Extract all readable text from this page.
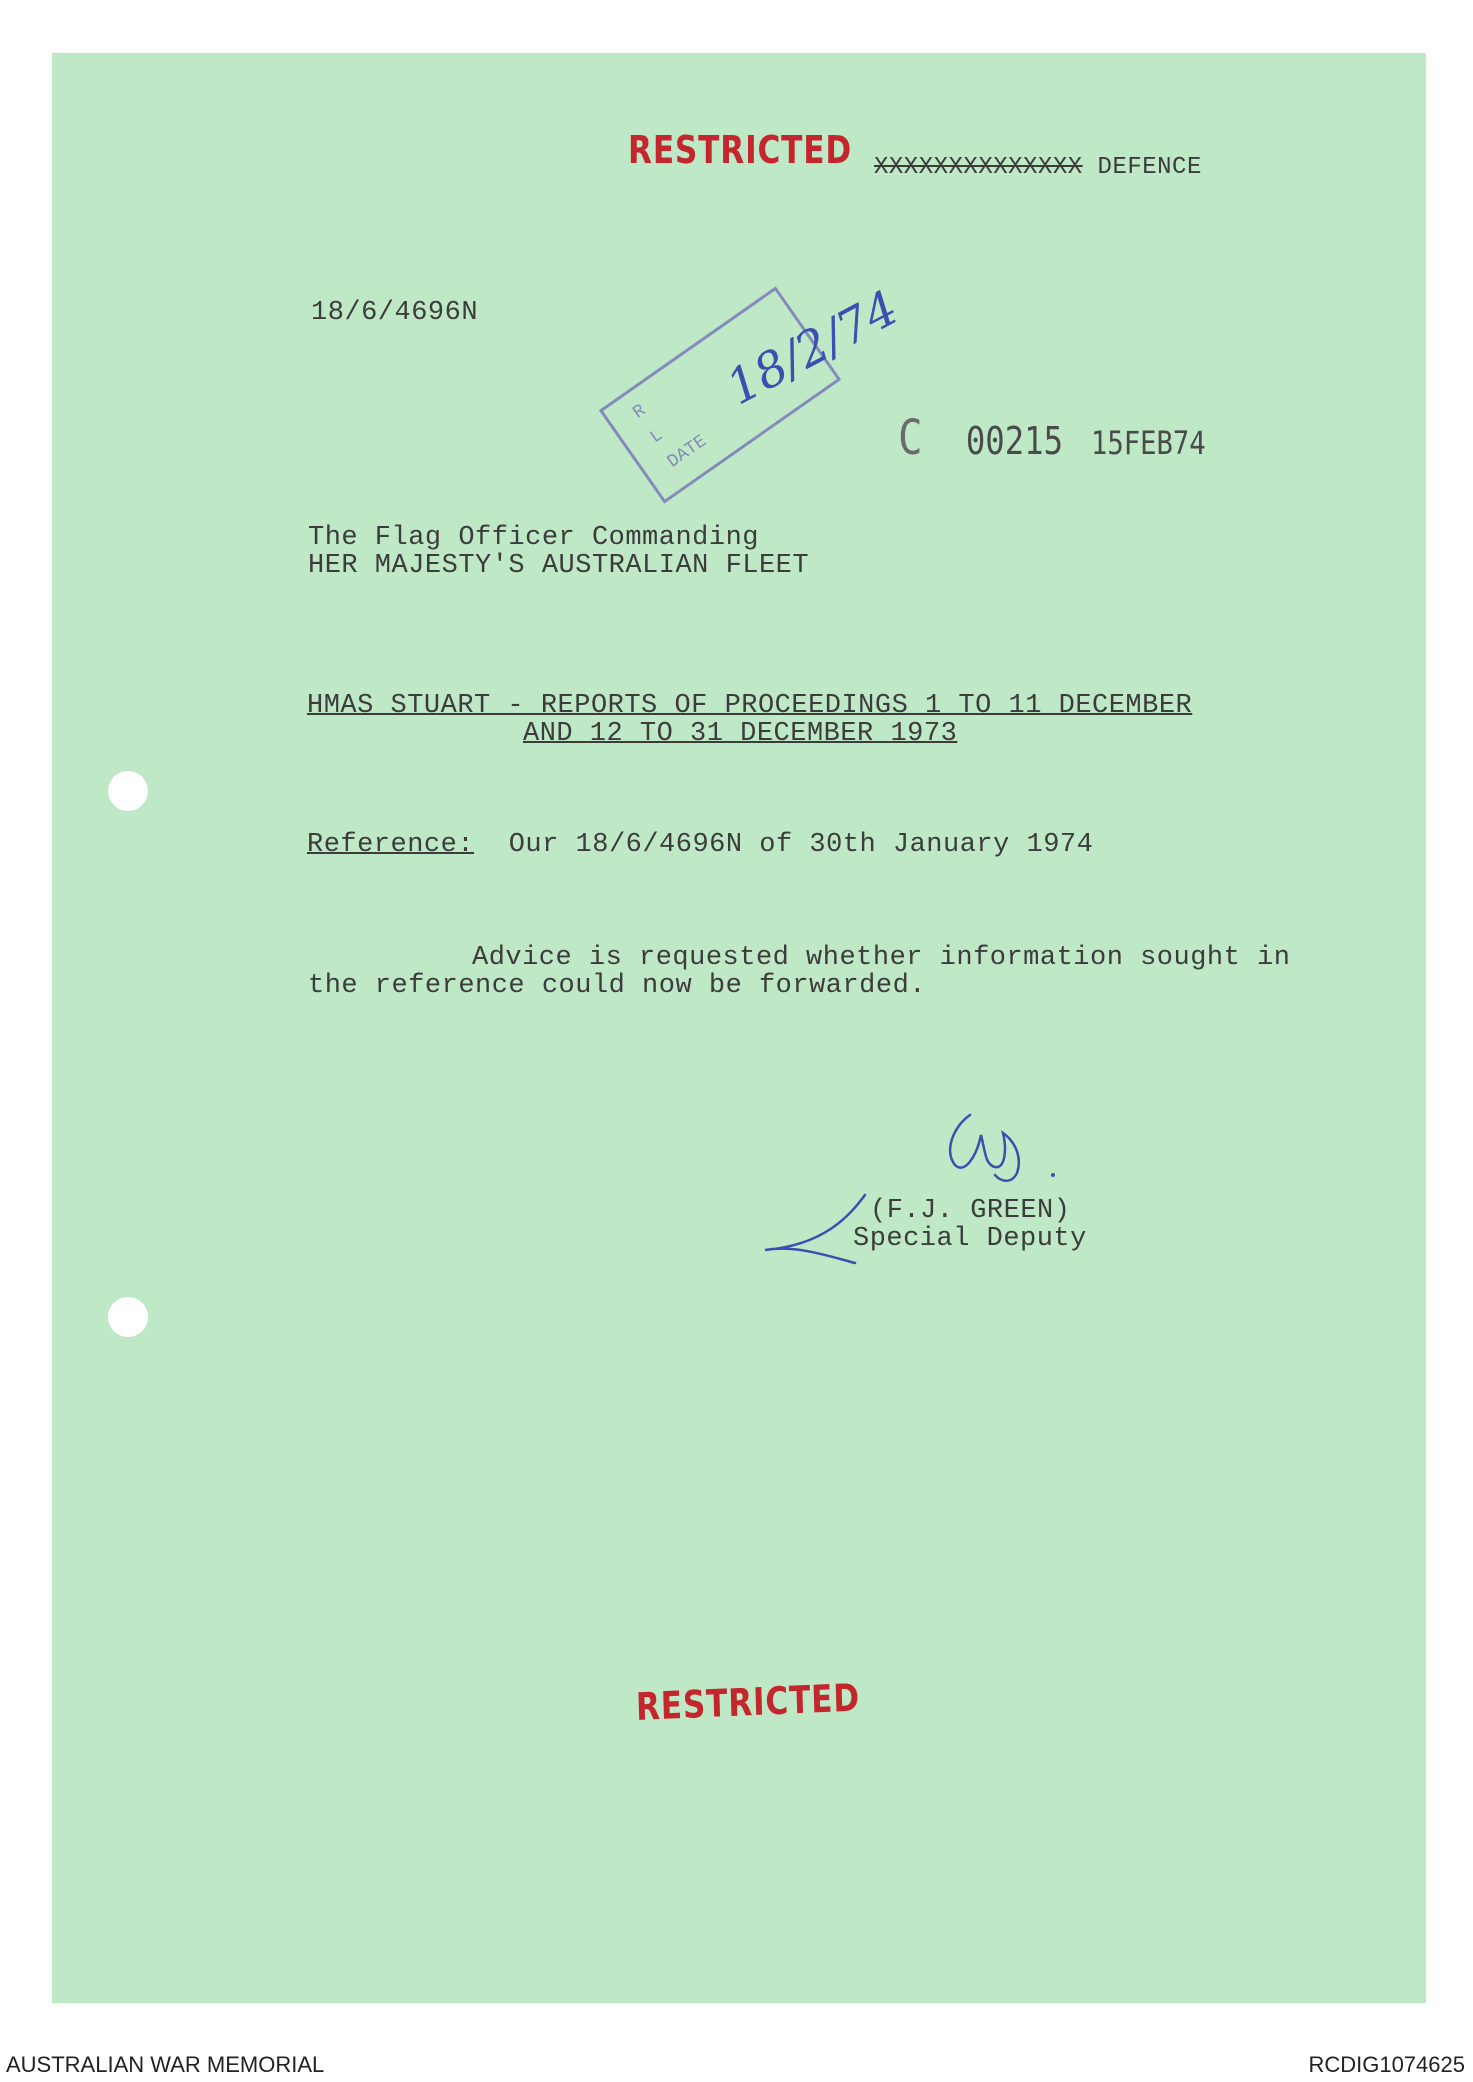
RESTRICTED XXXXXXXXXXXXXX DEFENCE
18/6/4696N
R
L
DATE
18/2/74
C 00215 15FEB74
The Flag Officer Commanding
HER MAJESTY'S AUSTRALIAN FLEET
HMAS STUART - REPORTS OF PROCEEDINGS 1 TO 11 DECEMBER
AND 12 TO 31 DECEMBER 1973
Reference: Our 18/6/4696N of 30th January 1974
Advice is requested whether information sought in
the reference could now be forwarded.
(F.J. GREEN)
Special Deputy
RESTRICTED
AUSTRALIAN WAR MEMORIAL	RCDIG1074625
